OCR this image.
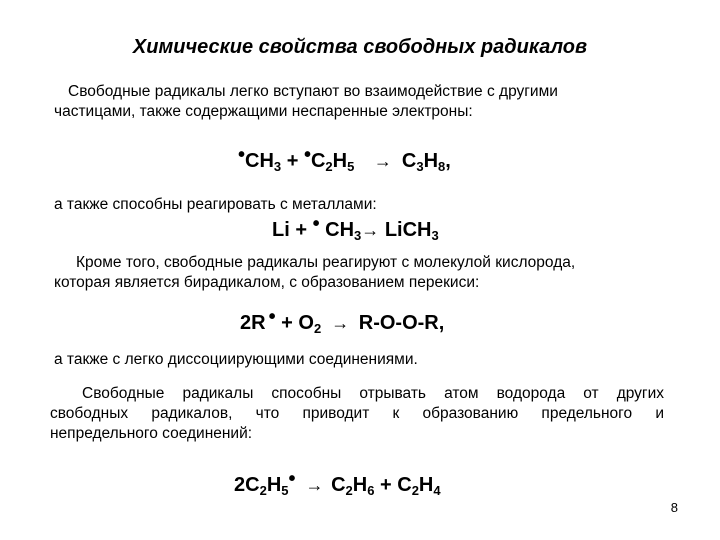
Химические свойства свободных радикалов
Свободные радикалы легко вступают во взаимодействие с другими
частицами, также содержащими неспаренные электроны:
$•CH_3$ + $•C_2H_5 \to C_3H_8$,
а также способны реагировать с металлами:
Li + • $CH_3\to$ LiCH$_3$
Кроме того, свободные радикалы реагируют с молекулой кислорода,
которая является бирадикалом, с образованием перекиси:
2R • + $O_2 \to R-O-O-R$,
а также с легко диссоциирующими соединениями.
Свободные радикалы способны отрывать атом водорода от других
свободных радикалов, что приводит к образованию предельного и
непредельного соединений:
$2C_2H_5• \to C_2H_6 + C_2H_4$
8
